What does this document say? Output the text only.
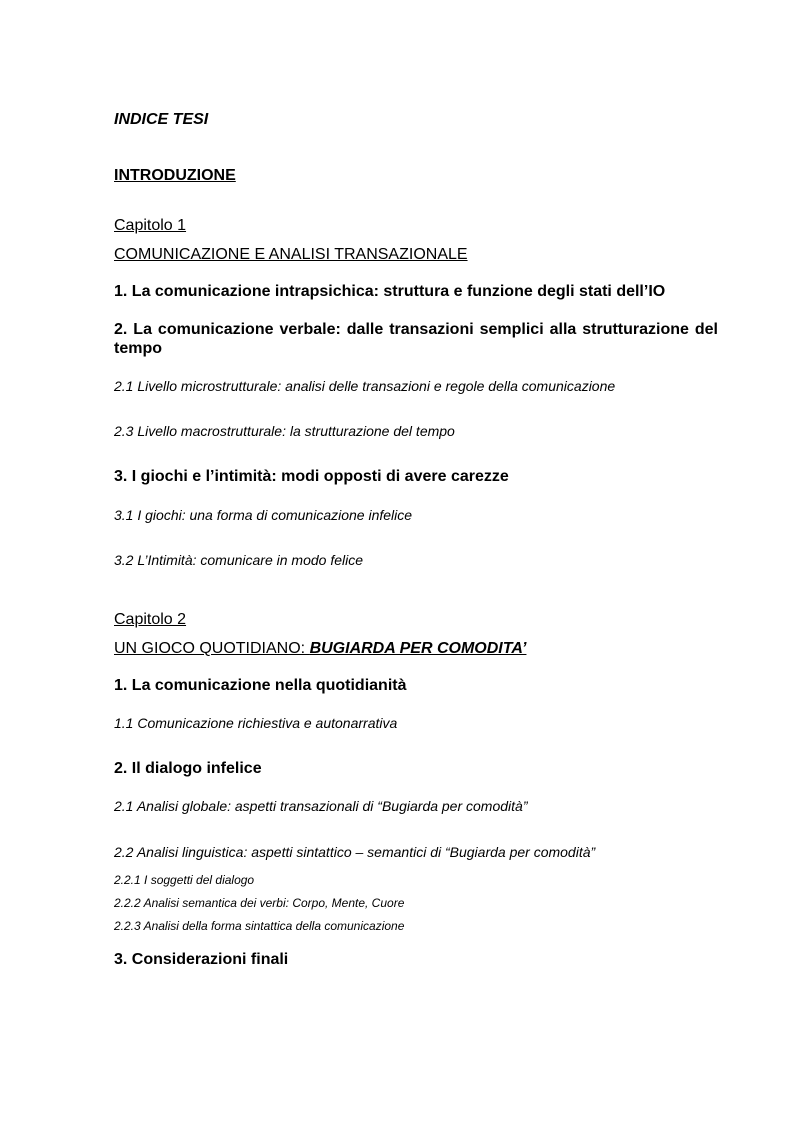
INDICE TESI

INTRODUZIONE

Capitolo 1

COMUNICAZIONE E ANALISI TRANSAZIONALE

1. La comunicazione intrapsichica: struttura e funzione degli stati dell’IO

2. La comunicazione verbale: dalle transazioni semplici alla strutturazione del tempo

2.1 Livello microstrutturale: analisi delle transazioni e regole della comunicazione

2.3 Livello macrostrutturale: la strutturazione del tempo

3. I giochi e l’intimità: modi opposti di avere carezze

3.1 I giochi: una forma di comunicazione infelice

3.2 L’Intimità: comunicare in modo felice

Capitolo 2

UN GIOCO QUOTIDIANO: BUGIARDA PER COMODITA’

1. La comunicazione nella quotidianità

1.1 Comunicazione richiestiva e autonarrativa

2. Il dialogo infelice

2.1 Analisi globale: aspetti transazionali di “Bugiarda per comodità”

2.2 Analisi linguistica: aspetti sintattico – semantici di “Bugiarda per comodità”

2.2.1 I soggetti del dialogo

2.2.2 Analisi semantica dei verbi: Corpo, Mente, Cuore

2.2.3 Analisi della forma sintattica della comunicazione

3. Considerazioni finali
